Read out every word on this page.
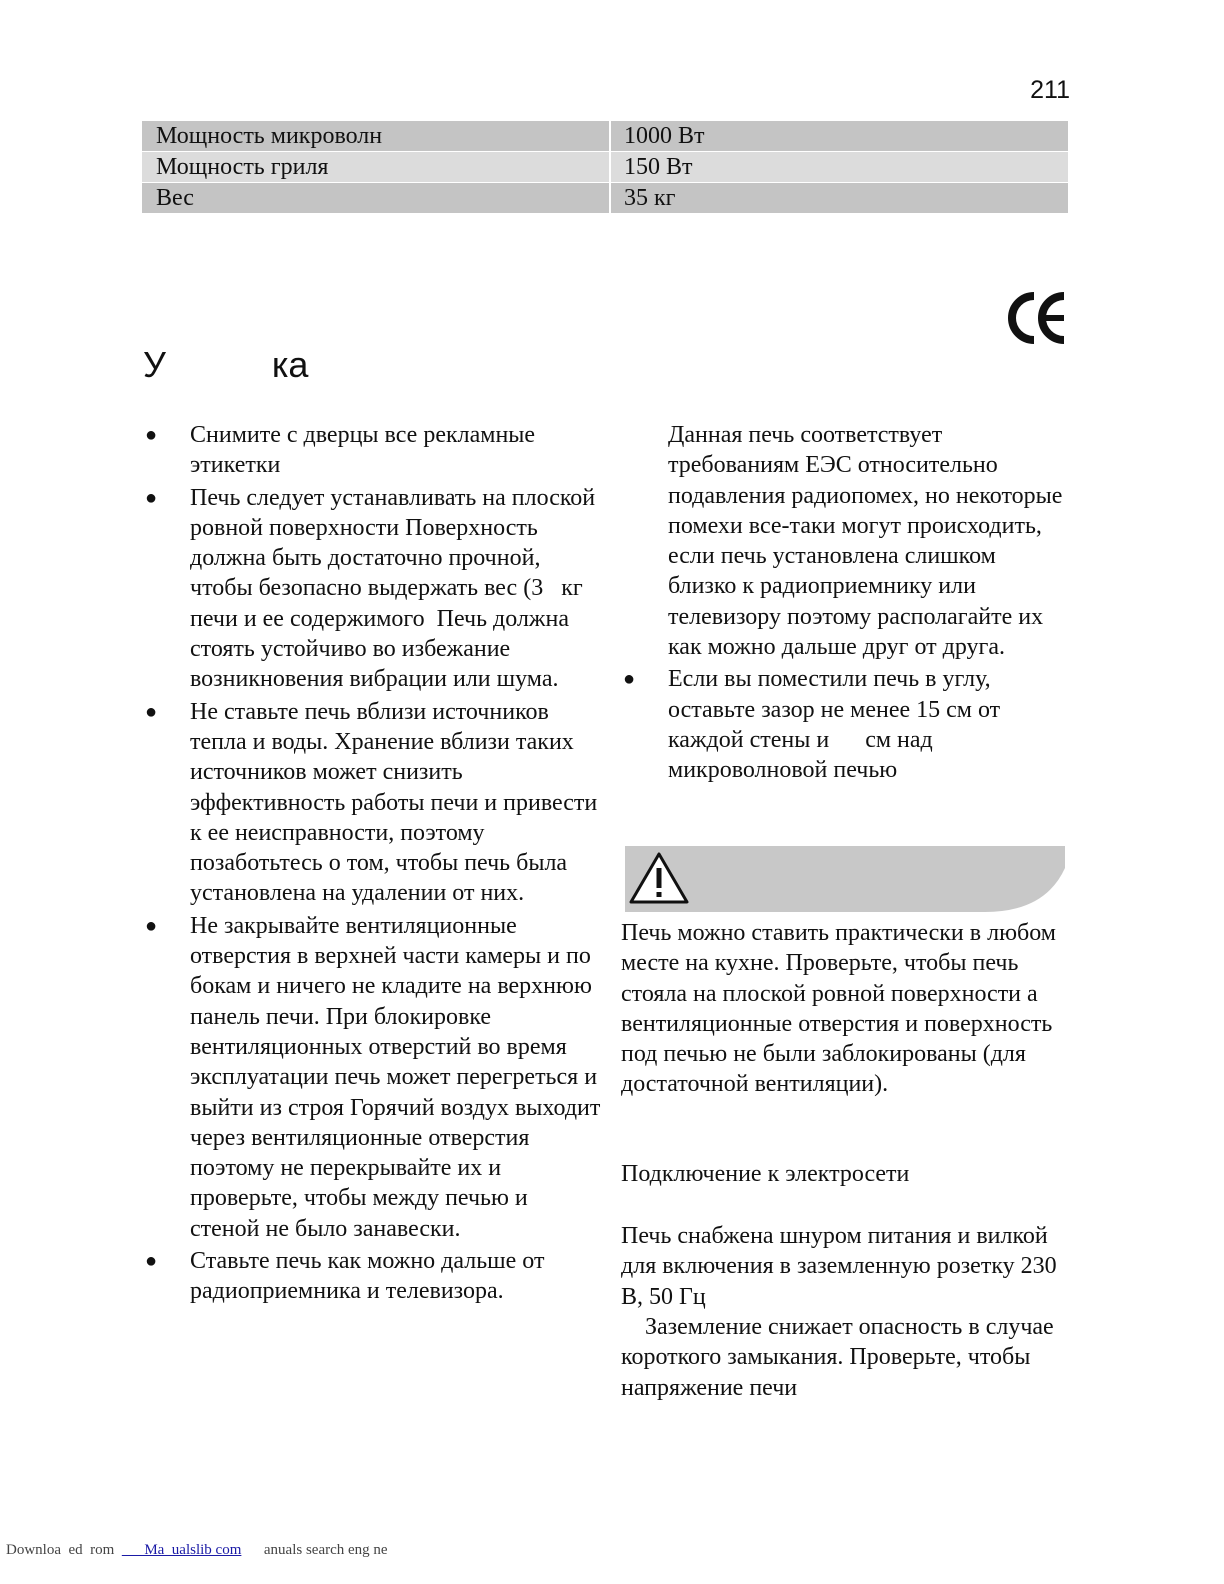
211
Мощность микроволн	1000 Вт
Мощность гриля	150 Вт
Вес	35 кг
У	ка
●	Снимите с дверцы все рекламные этикетки
●	Печь следует устанавливать на плоской ровной поверхности Поверхность должна быть достаточно прочной, чтобы безопасно выдержать вес (3   кг печи и ее содержимого  Печь должна стоять устойчиво во избежание возникновения вибрации или шума.
●	Не ставьте печь вблизи источников тепла и воды. Хранение вблизи таких источников может снизить эффективность работы печи и привести к ее неисправности, поэтому позаботьтесь о том, чтобы печь была установлена на удалении от них.
●	Не закрывайте вентиляционные отверстия в верхней части камеры и по бокам и ничего не кладите на верхнюю панель печи. При блокировке вентиляционных отверстий во время эксплуатации печь может перегреться и выйти из строя Горячий воздух выходит через вентиляционные отверстия поэтому не перекрывайте их и проверьте, чтобы между печью и стеной не было занавески.
●	Ставьте печь как можно дальше от радиоприемника и телевизора.
Данная печь соответствует требованиям ЕЭС относительно подавления радиопомех, но некоторые помехи все-таки могут происходить, если печь установлена слишком близко к радиоприемнику или телевизору поэтому располагайте их как можно дальше друг от друга.
●	Если вы поместили печь в углу, оставьте зазор не менее 15 см от каждой стены и      см над микроволновой печью
Печь можно ставить практически в любом месте на кухне. Проверьте, чтобы печь стояла на плоской ровной поверхности а вентиляционные отверстия и поверхность под печью не были заблокированы (для достаточной вентиляции).
Подключение к электросети
Печь снабжена шнуром питания и вилкой для включения в заземленную розетку 230 В, 50 Гц
Заземление снижает опасность в случае короткого замыкания. Проверьте, чтобы напряжение печи
Downloa  ed  rom        Ma  ualslib com      anuals search eng ne
